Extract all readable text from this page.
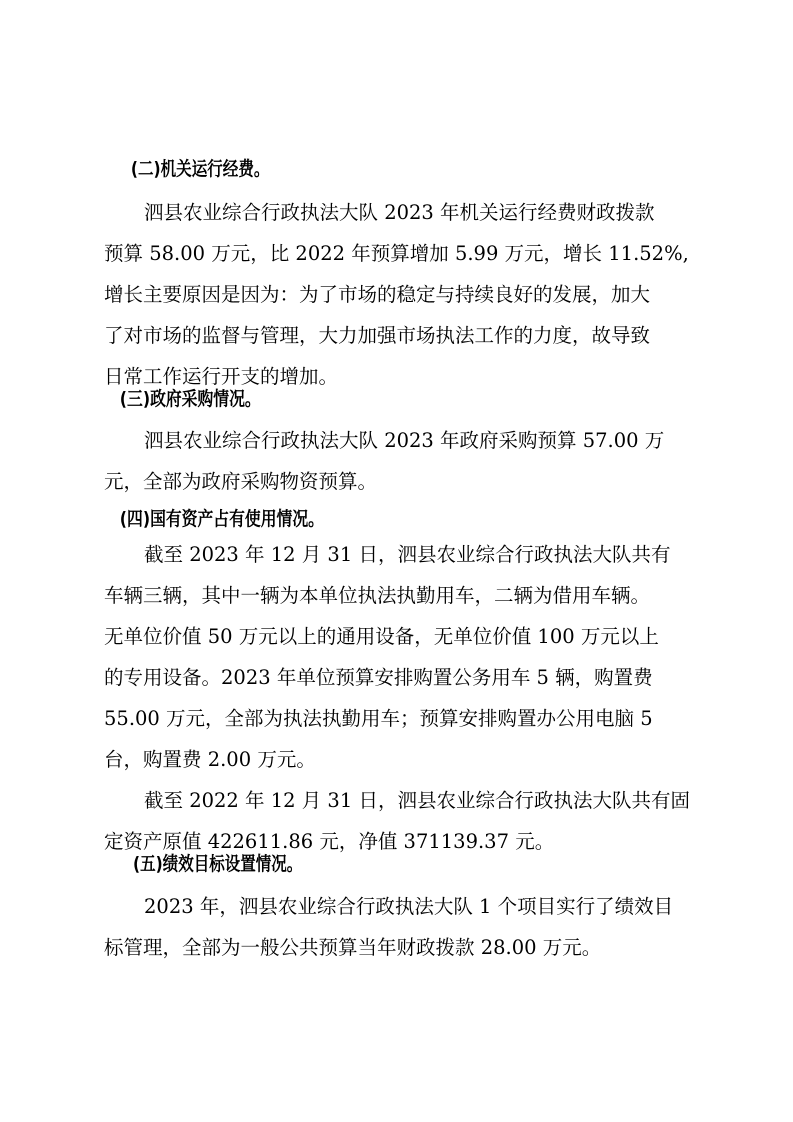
(二)机关运行经费。
泗县农业综合行政执法大队 2023 年机关运行经费财政拨款
预算 58.00 万元，比 2022 年预算增加 5.99 万元，增长 11.52%,
增长主要原因是因为：为了市场的稳定与持续良好的发展，加大
了对市场的监督与管理，大力加强市场执法工作的力度，故导致
日常工作运行开支的增加。
(三)政府采购情况。
泗县农业综合行政执法大队 2023 年政府采购预算 57.00 万
元，全部为政府采购物资预算。
(四)国有资产占有使用情况。
截至 2023 年 12 月 31 日，泗县农业综合行政执法大队共有
车辆三辆，其中一辆为本单位执法执勤用车，二辆为借用车辆。
无单位价值 50 万元以上的通用设备，无单位价值 100 万元以上
的专用设备。2023 年单位预算安排购置公务用车 5 辆，购置费
55.00 万元，全部为执法执勤用车；预算安排购置办公用电脑 5
台，购置费 2.00 万元。
截至 2022 年 12 月 31 日，泗县农业综合行政执法大队共有固
定资产原值 422611.86 元，净值 371139.37 元。
(五)绩效目标设置情况。
2023 年，泗县农业综合行政执法大队 1 个项目实行了绩效目
标管理，全部为一般公共预算当年财政拨款 28.00 万元。
